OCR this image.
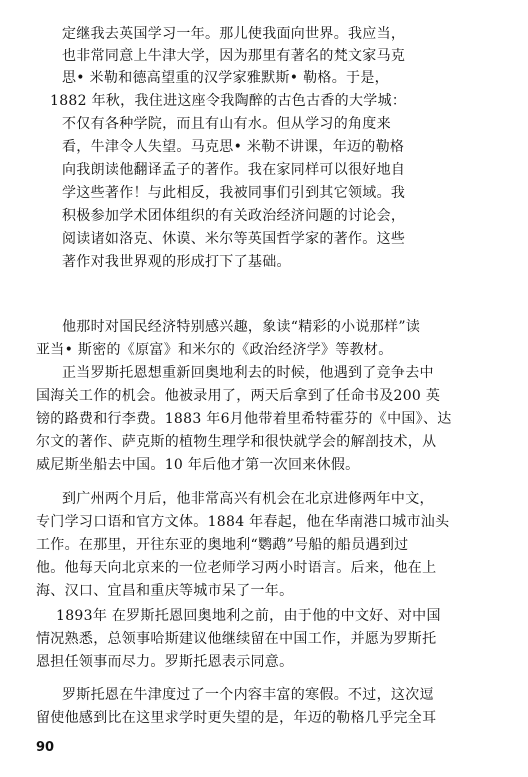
定继我去英国学习一年。那儿使我面向世界。我应当，
也非常同意上牛津大学，因为那里有著名的梵文家马克
思• 米勒和德高望重的汉学家雅默斯• 勒格。于是，
1882 年秋，我住进这座令我陶醉的古色古香的大学城：
不仅有各种学院，而且有山有水。但从学习的角度来
看，牛津令人失望。马克思• 米勒不讲课，年迈的勒格
向我朗读他翻译孟子的著作。我在家同样可以很好地自
学这些著作！与此相反，我被同事们引到其它领域。我
积极参加学术团体组织的有关政治经济问题的讨论会，
阅读诸如洛克、休谟、米尔等英国哲学家的著作。这些
著作对我世界观的形成打下了基础。
他那时对国民经济特别感兴趣，象读“精彩的小说那样”读
亚当• 斯密的《原富》和米尔的《政治经济学》等教材。
正当罗斯托恩想重新回奥地利去的时候，他遇到了竞争去中
国海关工作的机会。他被录用了，两天后拿到了任命书及200 英
镑的路费和行李费。1883 年6月他带着里希特霍芬的《中国》、达
尔文的著作、萨克斯的植物生理学和很快就学会的解剖技术，从
威尼斯坐船去中国。10 年后他才第一次回来休假。
到广州两个月后，他非常高兴有机会在北京进修两年中文，
专门学习口语和官方文体。1884 年春起，他在华南港口城市汕头
工作。在那里，开往东亚的奥地利“鹦鹉”号船的船员遇到过
他。他每天向北京来的一位老师学习两小时语言。后来，他在上
海、汉口、宜昌和重庆等城市呆了一年。
1893年 在罗斯托恩回奥地利之前，由于他的中文好、对中国
情况熟悉，总领事哈斯建议他继续留在中国工作，并愿为罗斯托
恩担任领事而尽力。罗斯托恩表示同意。
罗斯托恩在牛津度过了一个内容丰富的寒假。不过，这次逗
留使他感到比在这里求学时更失望的是，年迈的勒格几乎完全耳
90
